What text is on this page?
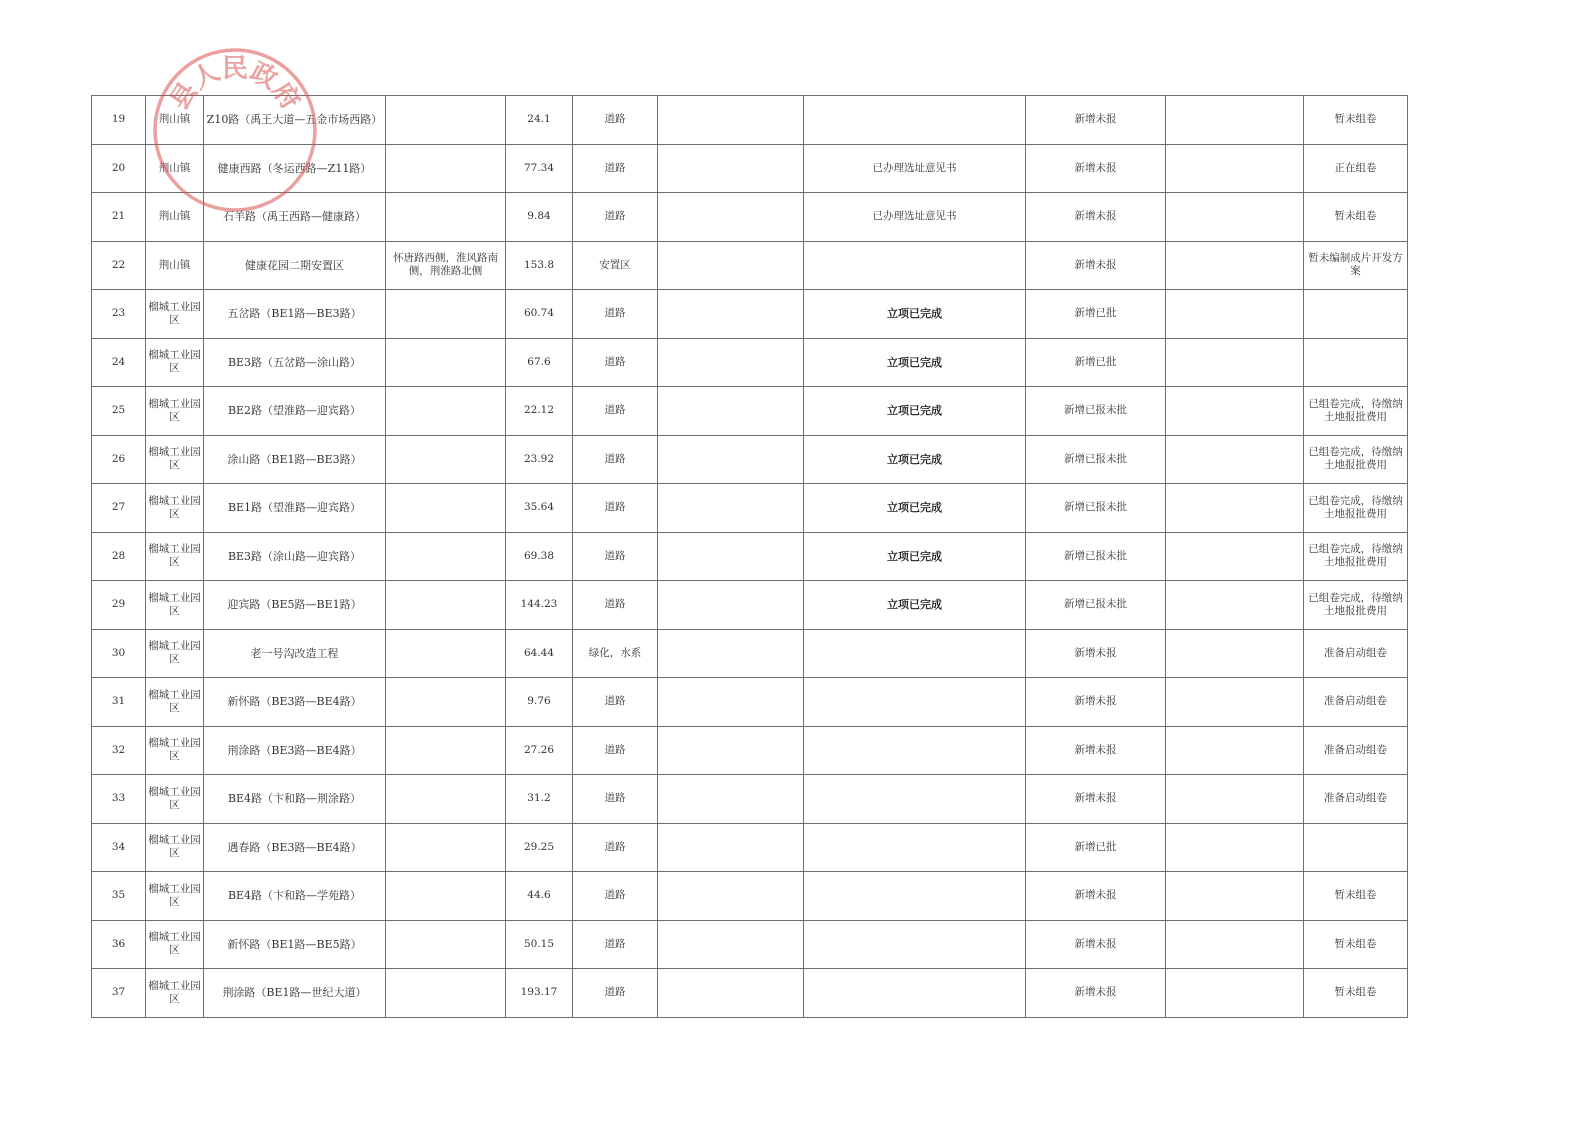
19	荆山镇	Z10路（禹王大道—五金市场西路）		24.1	道路			新增未报		暂未组卷
20	荆山镇	健康西路（冬运西路—Z11路）		77.34	道路		已办理选址意见书	新增未报		正在组卷
21	荆山镇	石羊路（禹王西路—健康路）		9.84	道路		已办理选址意见书	新增未报		暂未组卷
22	荆山镇	健康花园二期安置区	怀唐路西侧，淮风路南侧，荆淮路北侧	153.8	安置区			新增未报		暂未编制成片开发方案
23	榴城工业园区	五岔路（BE1路—BE3路）		60.74	道路		立项已完成	新增已批		
24	榴城工业园区	BE3路（五岔路—涂山路）		67.6	道路		立项已完成	新增已批		
25	榴城工业园区	BE2路（望淮路—迎宾路）		22.12	道路		立项已完成	新增已报未批		已组卷完成，待缴纳土地报批费用
26	榴城工业园区	涂山路（BE1路—BE3路）		23.92	道路		立项已完成	新增已报未批		已组卷完成，待缴纳土地报批费用
27	榴城工业园区	BE1路（望淮路—迎宾路）		35.64	道路		立项已完成	新增已报未批		已组卷完成，待缴纳土地报批费用
28	榴城工业园区	BE3路（涂山路—迎宾路）		69.38	道路		立项已完成	新增已报未批		已组卷完成，待缴纳土地报批费用
29	榴城工业园区	迎宾路（BE5路—BE1路）		144.23	道路		立项已完成	新增已报未批		已组卷完成，待缴纳土地报批费用
30	榴城工业园区	老一号沟改造工程		64.44	绿化，水系			新增未报		准备启动组卷
31	榴城工业园区	新怀路（BE3路—BE4路）		9.76	道路			新增未报		准备启动组卷
32	榴城工业园区	荆涂路（BE3路—BE4路）		27.26	道路			新增未报		准备启动组卷
33	榴城工业园区	BE4路（卞和路—荆涂路）		31.2	道路			新增未报		准备启动组卷
34	榴城工业园区	遇春路（BE3路—BE4路）		29.25	道路			新增已批		
35	榴城工业园区	BE4路（卞和路—学苑路）		44.6	道路			新增未报		暂未组卷
36	榴城工业园区	新怀路（BE1路—BE5路）		50.15	道路			新增未报		暂未组卷
37	榴城工业园区	荆涂路（BE1路—世纪大道）		193.17	道路			新增未报		暂未组卷
县人民政府
